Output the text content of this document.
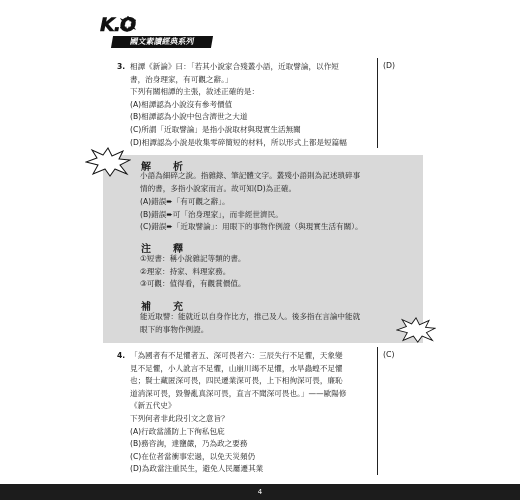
K.O
國文素讀經典系列
3. 相譚《新論》曰：「若其小說家合殘叢小語，近取譬論，以作短
書，治身理家，有可觀之辭。」
下列有關相譚的主張，敘述正確的是：
(A)相譚認為小說沒有參考價值
(B)相譚認為小說中包含濟世之大道
(C)所謂「近取譬論」是指小說取材與現實生活無關
(D)相譚認為小說是收集零碎簡短的材料，所以形式上都是短篇幅
(D)
解　析
小語為細碎之說。指雜錄、筆記體文字。叢殘小語則為記述瑣碎事
情的書，多指小說家而言。故可知(D)為正確。
(A)錯誤➨「有可觀之辭」。
(B)錯誤➨可「治身理家」，而非經世濟民。
(C)錯誤➨「近取譬論」：用眼下的事物作例證（與現實生活有關）。
注　釋
①短書：稱小說雜記等類的書。
②理家：持家、料理家務。
③可觀：值得看，有觀賞價值。
補　充
能近取譬：能就近以自身作比方，推己及人。後多指在言論中能就
眼下的事物作例證。
4. 「為國者有不足懼者五、深可畏者六：三辰失行不足懼，天象變
見不足懼，小人訛言不足懼，山崩川竭不足懼，水旱蟲蝗不足懼
也；賢士藏匿深可畏，四民遷業深可畏，上下相徇深可畏，廉恥
道消深可畏，毀譽亂真深可畏，直言不聞深可畏也。」——歐陽修
《新五代史》
下列何者非此段引文之意旨？
(A)行政當謹防上下徇私包庇
(B)務咨詢，達鹽嚴，乃為政之要務
(C)在位者當衝事宏過，以免天災頻仍
(D)為政當注重民生，避免人民屢遷其業
(C)
4
